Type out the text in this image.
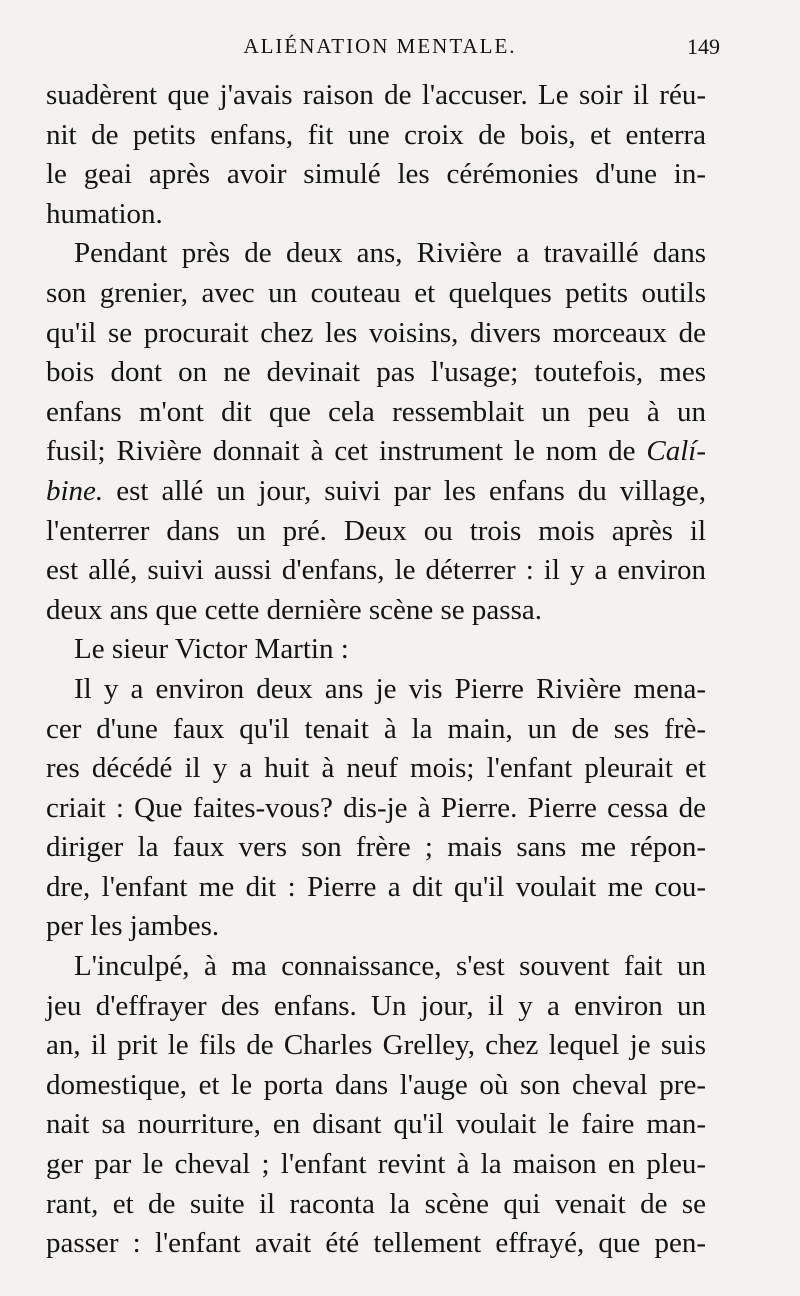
ALIÉNATION MENTALE.	149
suadèrent que j'avais raison de l'accuser. Le soir il réu-
nit de petits enfans, fit une croix de bois, et enterra
le geai après avoir simulé les cérémonies d'une in-
humation.
Pendant près de deux ans, Rivière a travaillé dans
son grenier, avec un couteau et quelques petits outils
qu'il se procurait chez les voisins, divers morceaux de
bois dont on ne devinait pas l'usage; toutefois, mes
enfans m'ont dit que cela ressemblait un peu à un
fusil; Rivière donnait à cet instrument le nom de Calí-
bine. est allé un jour, suivi par les enfans du village,
l'enterrer dans un pré. Deux ou trois mois après il
est allé, suivi aussi d'enfans, le déterrer : il y a environ
deux ans que cette dernière scène se passa.
Le sieur Victor Martin :
Il y a environ deux ans je vis Pierre Rivière mena-
cer d'une faux qu'il tenait à la main, un de ses frè-
res décédé il y a huit à neuf mois; l'enfant pleurait et
criait : Que faites-vous? dis-je à Pierre. Pierre cessa de
diriger la faux vers son frère ; mais sans me répon-
dre, l'enfant me dit : Pierre a dit qu'il voulait me cou-
per les jambes.
L'inculpé, à ma connaissance, s'est souvent fait un
jeu d'effrayer des enfans. Un jour, il y a environ un
an, il prit le fils de Charles Grelley, chez lequel je suis
domestique, et le porta dans l'auge où son cheval pre-
nait sa nourriture, en disant qu'il voulait le faire man-
ger par le cheval ; l'enfant revint à la maison en pleu-
rant, et de suite il raconta la scène qui venait de se
passer : l'enfant avait été tellement effrayé, que pen-
